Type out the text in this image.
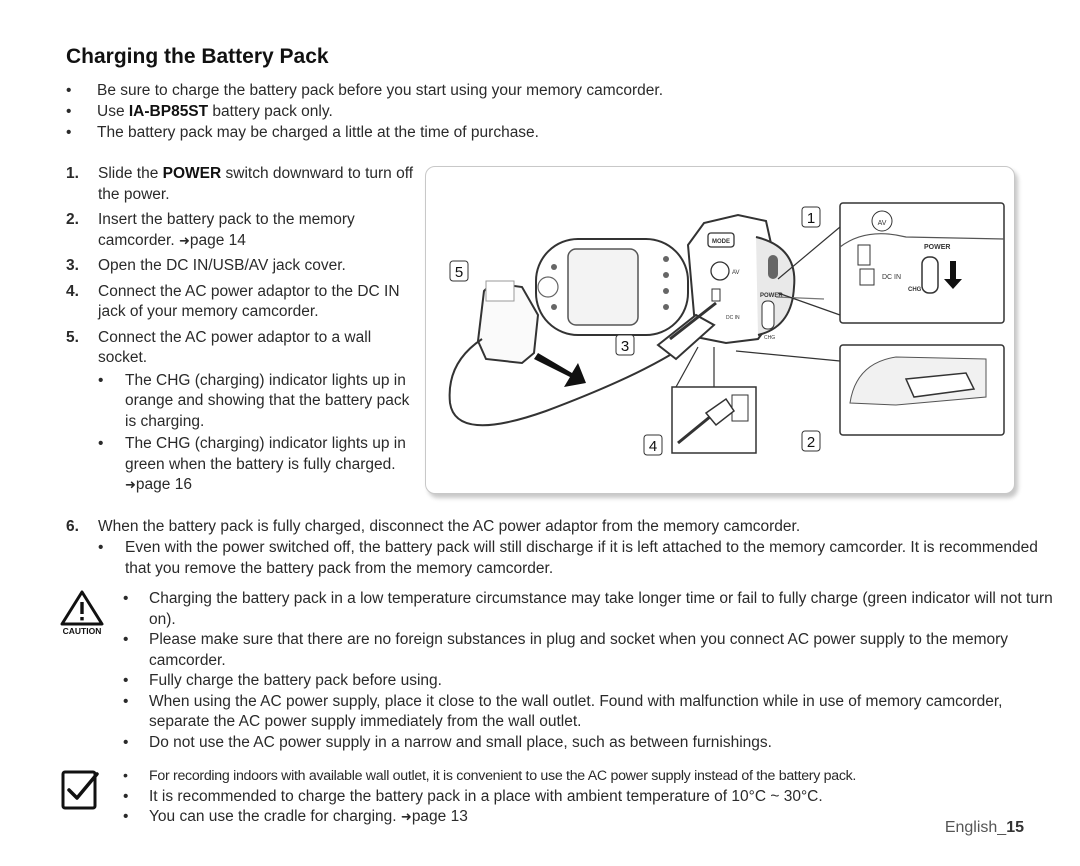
Charging the Battery Pack
• Be sure to charge the battery pack before you start using your memory camcorder.
• Use IA-BP85ST battery pack only.
• The battery pack may be charged a little at the time of purchase.
1. Slide the POWER switch downward to turn off the power.
2. Insert the battery pack to the memory camcorder. ➜page 14
3. Open the DC IN/USB/AV jack cover.
4. Connect the AC power adaptor to the DC IN jack of your memory camcorder.
5. Connect the AC power adaptor to a wall socket.
• The CHG (charging) indicator lights up in orange and showing that the battery pack is charging.
• The CHG (charging) indicator lights up in green when the battery is fully charged. ➜page 16
MODE
AV
POWER
DC IN
CHG
AV
POWER
DC IN
CHG
1
2
3
4
5
6. When the battery pack is fully charged, disconnect the AC power adaptor from the memory camcorder.
• Even with the power switched off, the battery pack will still discharge if it is left attached to the memory camcorder. It is recommended that you remove the battery pack from the memory camcorder.
CAUTION
• Charging the battery pack in a low temperature circumstance may take longer time or fail to fully charge (green indicator will not turn on).
• Please make sure that there are no foreign substances in plug and socket when you connect AC power supply to the memory camcorder.
• Fully charge the battery pack before using.
• When using the AC power supply, place it close to the wall outlet. Found with malfunction while in use of memory camcorder, separate the AC power supply immediately from the wall outlet.
• Do not use the AC power supply in a narrow and small place, such as between furnishings.
• For recording indoors with available wall outlet, it is convenient to use the AC power supply instead of the battery pack.
• It is recommended to charge the battery pack in a place with ambient temperature of 10°C ~ 30°C.
• You can use the cradle for charging. ➜page 13
English_15
